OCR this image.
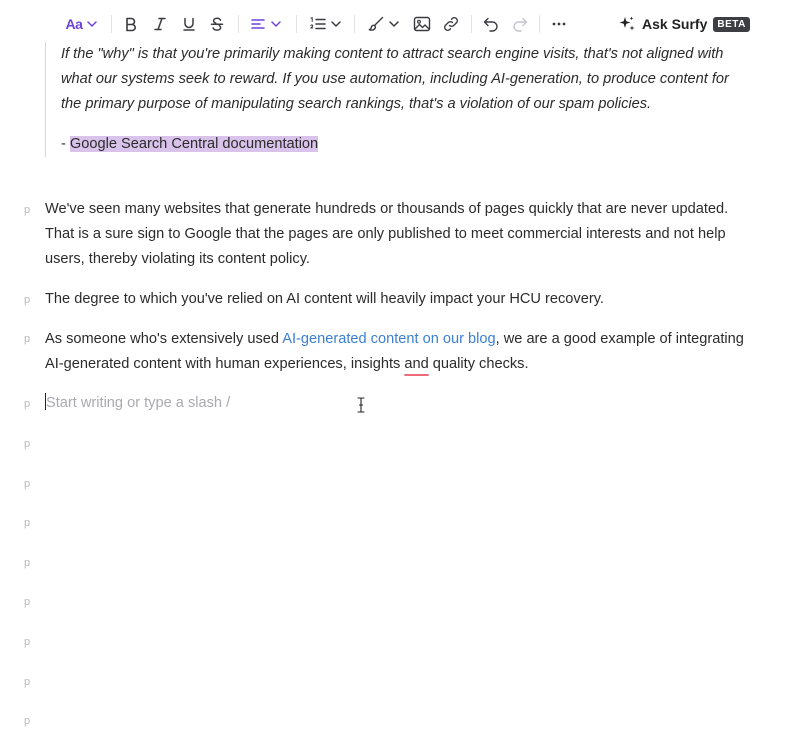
Aa	Ask Surfy	BETA
If the "why" is that you're primarily making content to attract search engine visits, that's not aligned with what our systems seek to reward. If you use automation, including AI-generation, to produce content for the primary purpose of manipulating search rankings, that's a violation of our spam policies.
- Google Search Central documentation
p
p
p
p
p
p
p
p
p
p
p
p
We've seen many websites that generate hundreds or thousands of pages quickly that are never updated. That is a sure sign to Google that the pages are only published to meet commercial interests and not help users, thereby violating its content policy.
The degree to which you've relied on AI content will heavily impact your HCU recovery.
As someone who's extensively used AI-generated content on our blog, we are a good example of integrating AI-generated content with human experiences, insights and quality checks.
Start writing or type a slash /
